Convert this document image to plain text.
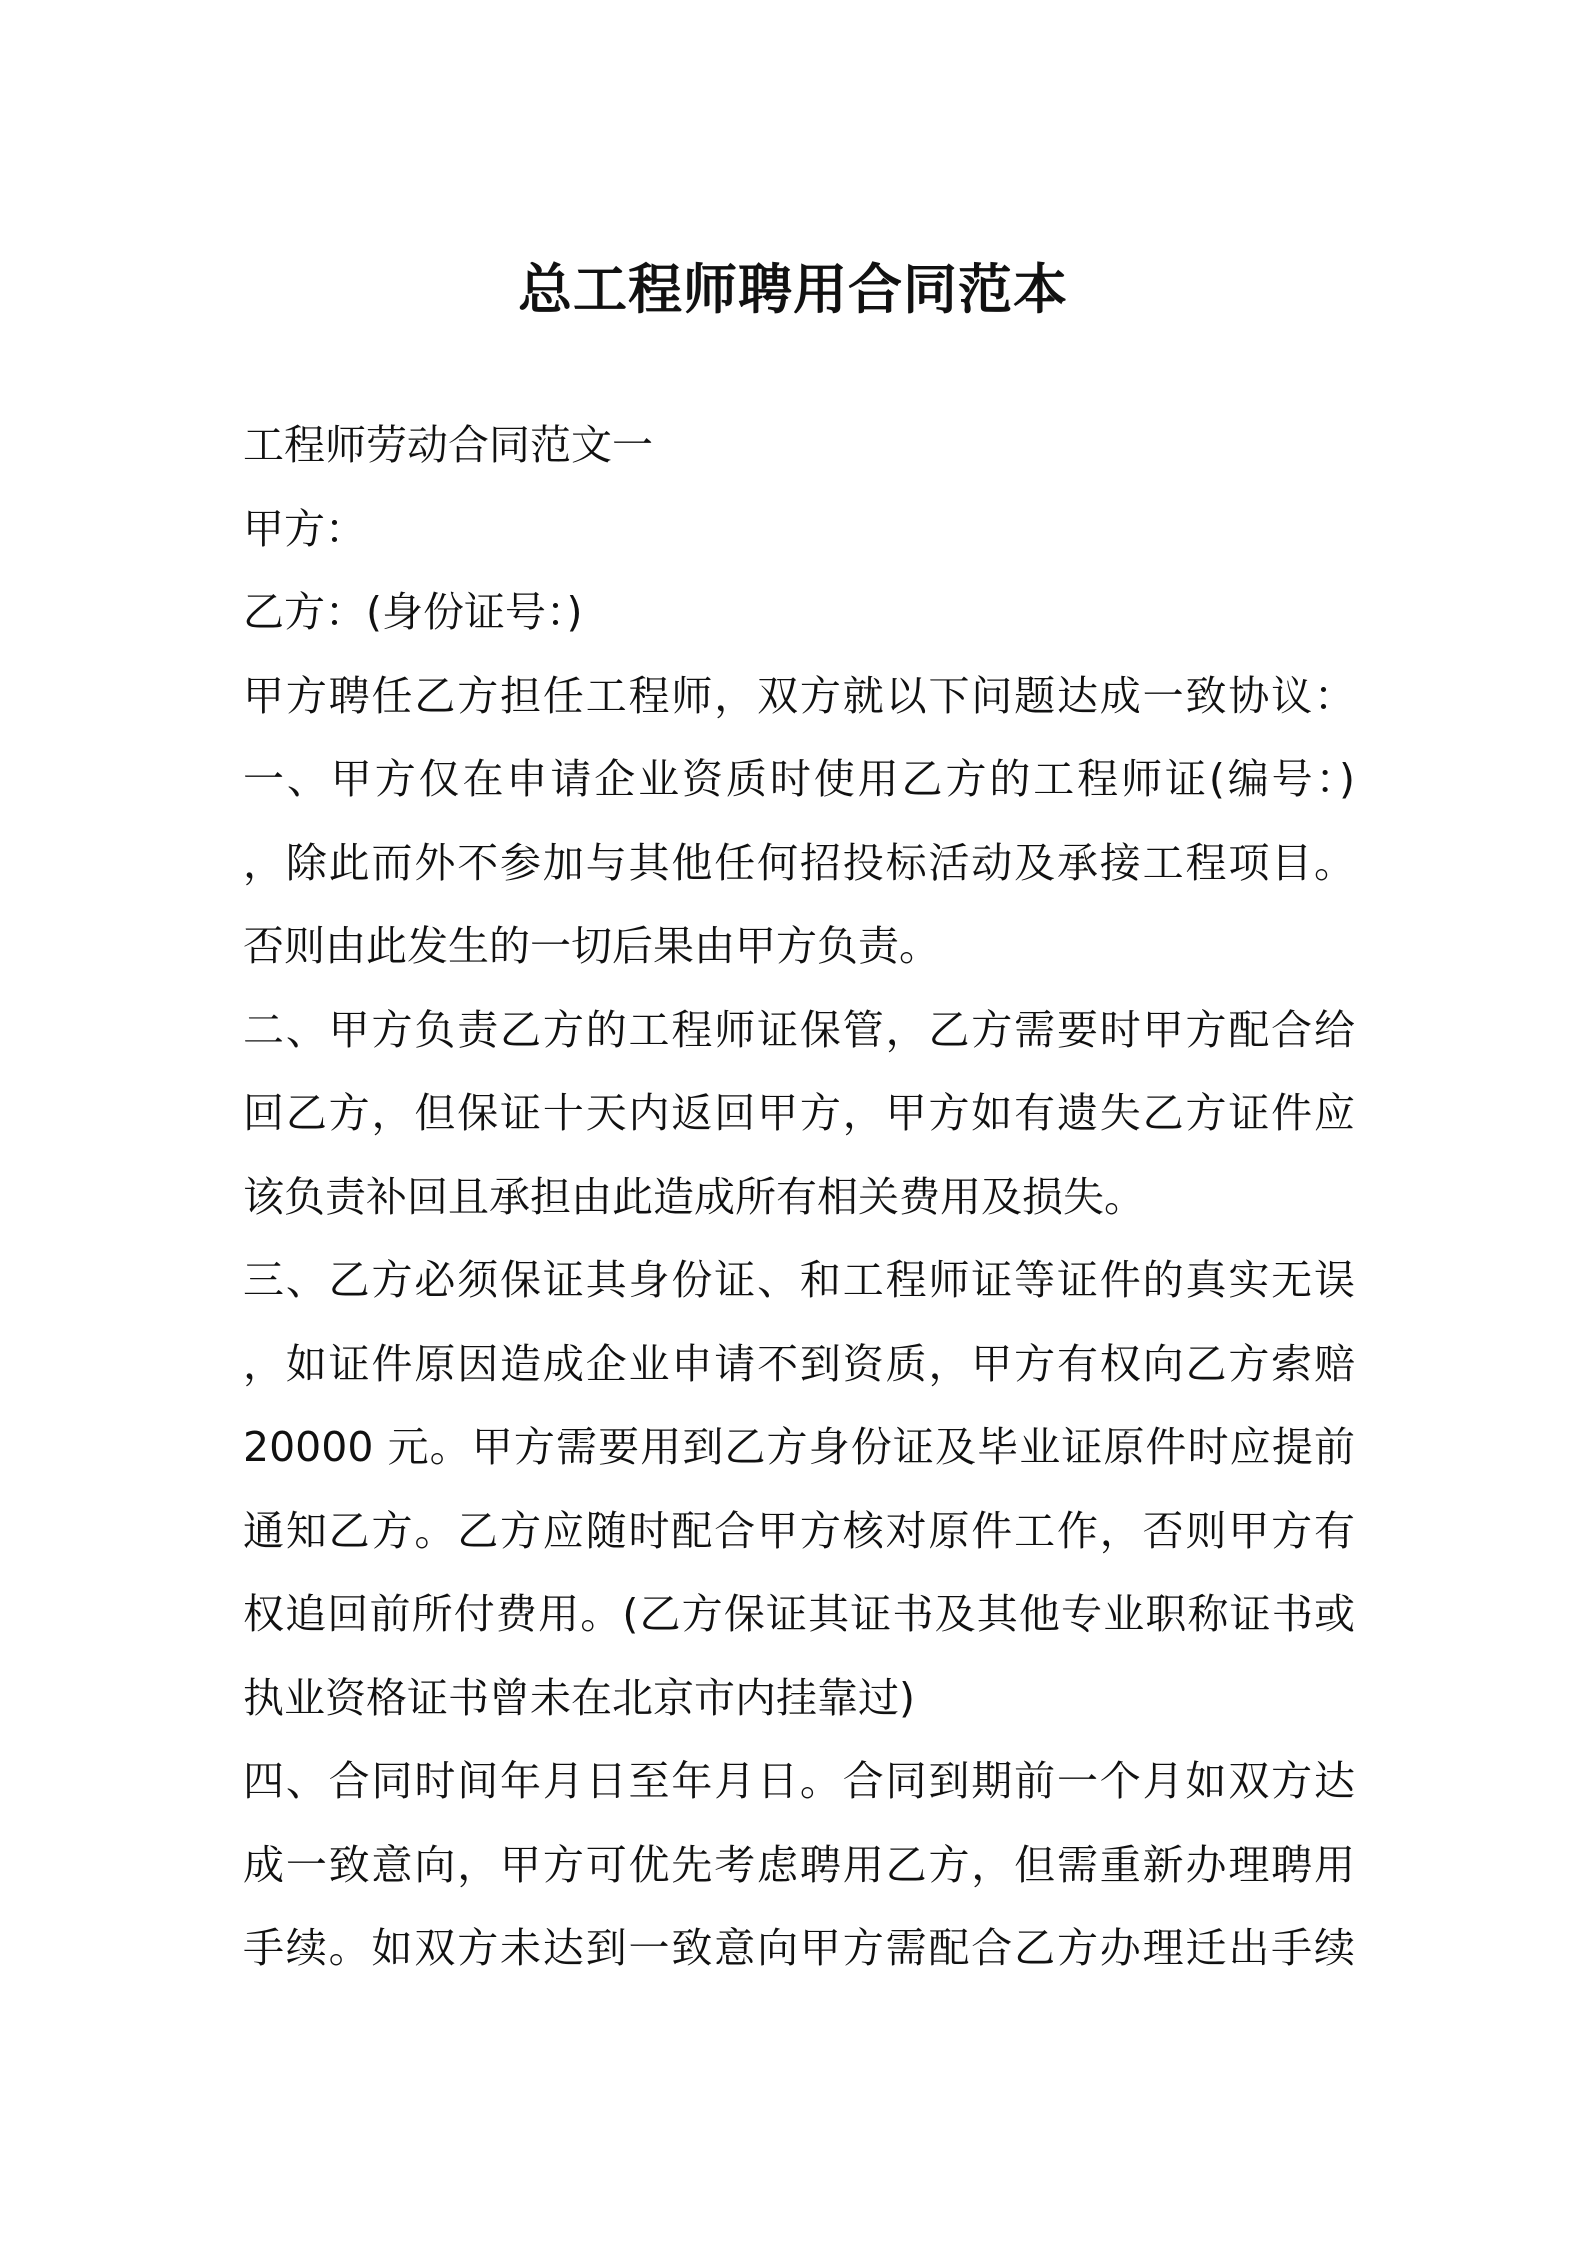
总工程师聘用合同范本
工程师劳动合同范文一
甲方：
乙方：(身份证号：)
甲方聘任乙方担任工程师，双方就以下问题达成一致协议：
一、甲方仅在申请企业资质时使用乙方的工程师证(编号：)
，除此而外不参加与其他任何招投标活动及承接工程项目。
否则由此发生的一切后果由甲方负责。
二、甲方负责乙方的工程师证保管，乙方需要时甲方配合给
回乙方，但保证十天内返回甲方，甲方如有遗失乙方证件应
该负责补回且承担由此造成所有相关费用及损失。
三、乙方必须保证其身份证、和工程师证等证件的真实无误
，如证件原因造成企业申请不到资质，甲方有权向乙方索赔
20000 元。甲方需要用到乙方身份证及毕业证原件时应提前
通知乙方。乙方应随时配合甲方核对原件工作，否则甲方有
权追回前所付费用。(乙方保证其证书及其他专业职称证书或
执业资格证书曾未在北京市内挂靠过)
四、合同时间年月日至年月日。合同到期前一个月如双方达
成一致意向，甲方可优先考虑聘用乙方，但需重新办理聘用
手续。如双方未达到一致意向甲方需配合乙方办理迁出手续
